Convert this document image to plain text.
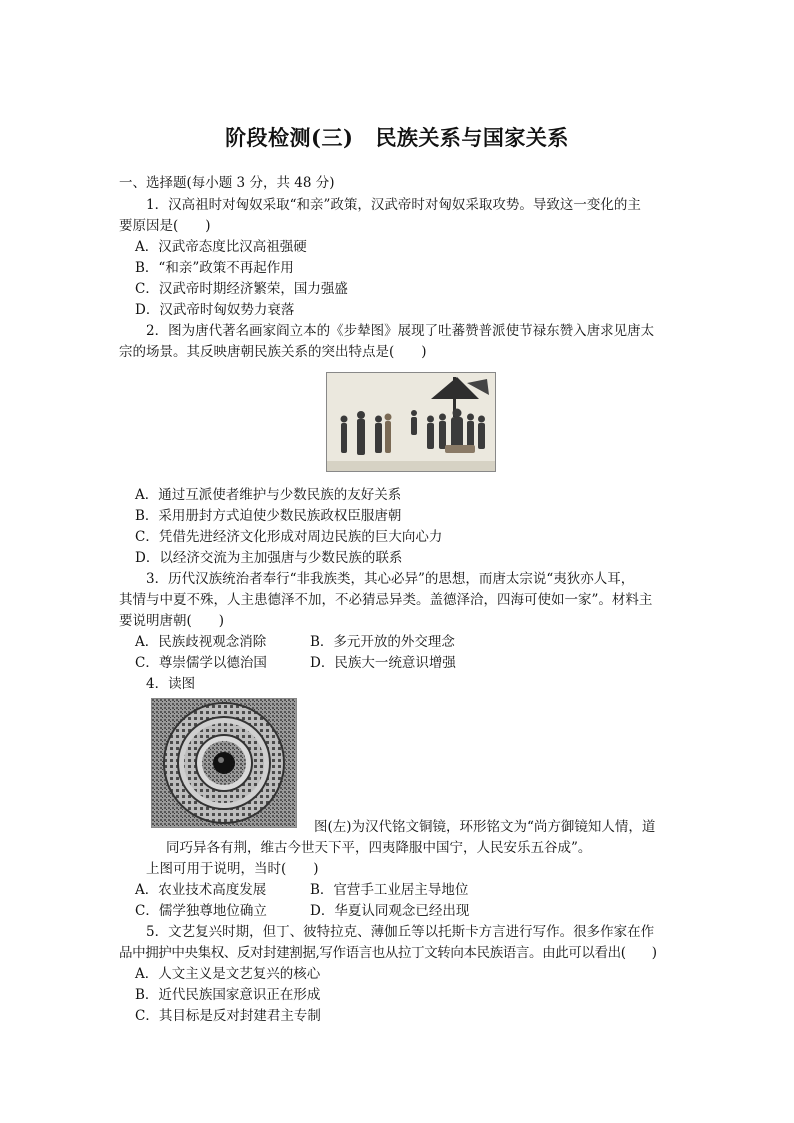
阶段检测(三) 民族关系与国家关系
一、选择题(每小题 3 分，共 48 分)
1．汉高祖时对匈奴采取“和亲”政策，汉武帝时对匈奴采取攻势。导致这一变化的主
要原因是(　　)
A．汉武帝态度比汉高祖强硬
B．“和亲”政策不再起作用
C．汉武帝时期经济繁荣，国力强盛
D．汉武帝时匈奴势力衰落
2．图为唐代著名画家阎立本的《步辇图》展现了吐蕃赞普派使节禄东赞入唐求见唐太
宗的场景。其反映唐朝民族关系的突出特点是(　　)
A．通过互派使者维护与少数民族的友好关系
B．采用册封方式迫使少数民族政权臣服唐朝
C．凭借先进经济文化形成对周边民族的巨大向心力
D．以经济交流为主加强唐与少数民族的联系
3．历代汉族统治者奉行“非我族类，其心必异”的思想，而唐太宗说“夷狄亦人耳，
其情与中夏不殊，人主患德泽不加，不必猜忌异类。盖德泽洽，四海可使如一家”。材料主
要说明唐朝(　　)
A．民族歧视观念消除	B．多元开放的外交理念
C．尊崇儒学以德治国	D．民族大一统意识增强
4．读图
图(左)为汉代铭文铜镜，环形铭文为“尚方御镜知人情，道
同巧异各有荆，维古今世天下平，四夷降服中国宁，人民安乐五谷成”。
上图可用于说明，当时(　　)
A．农业技术高度发展	B．官营手工业居主导地位
C．儒学独尊地位确立	D．华夏认同观念已经出现
5．文艺复兴时期，但丁、彼特拉克、薄伽丘等以托斯卡方言进行写作。很多作家在作
品中拥护中央集权、反对封建割据,写作语言也从拉丁文转向本民族语言。由此可以看出(　　)
A．人文主义是文艺复兴的核心
B．近代民族国家意识正在形成
C．其目标是反对封建君主专制
